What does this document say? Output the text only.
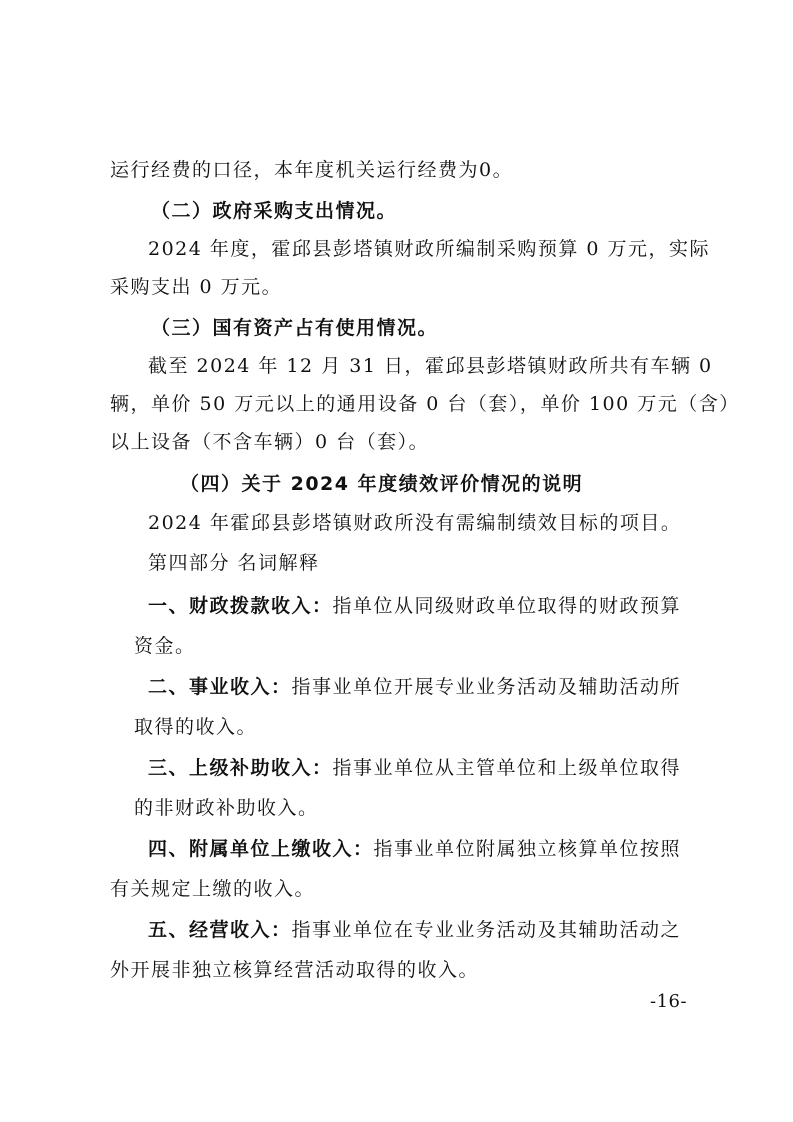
运行经费的口径，本年度机关运行经费为0。

（二）政府采购支出情况。

2024 年度，霍邱县彭塔镇财政所编制采购预算 0 万元，实际

采购支出 0 万元。

（三）国有资产占有使用情况。

截至 2024 年 12 月 31 日，霍邱县彭塔镇财政所共有车辆 0

辆，单价 50 万元以上的通用设备 0 台（套），单价 100 万元（含）

以上设备（不含车辆）0 台（套）。

（四）关于 2024 年度绩效评价情况的说明

2024 年霍邱县彭塔镇财政所没有需编制绩效目标的项目。

第四部分 名词解释

一、财政拨款收入：指单位从同级财政单位取得的财政预算

资金。

二、事业收入：指事业单位开展专业业务活动及辅助活动所

取得的收入。

三、上级补助收入：指事业单位从主管单位和上级单位取得

的非财政补助收入。

四、附属单位上缴收入：指事业单位附属独立核算单位按照

有关规定上缴的收入。

五、经营收入：指事业单位在专业业务活动及其辅助活动之

外开展非独立核算经营活动取得的收入。

-16-
